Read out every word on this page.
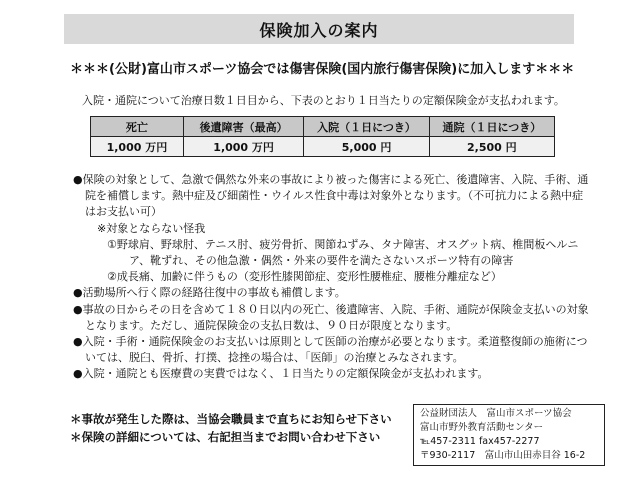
保険加入の案内
＊＊＊(公財)富山市スポーツ協会では傷害保険(国内旅行傷害保険)に加入します＊＊＊
入院・通院について治療日数１日目から、下表のとおり１日当たりの定額保険金が支払われます。
死亡	後遺障害（最高）	入院（１日につき）	通院（１日につき）
1,000 万円	1,000 万円	5,000 円	2,500 円

●保険の対象として、急激で偶然な外来の事故により被った傷害による死亡、後遺障害、入院、手術、通院を補償します。熱中症及び細菌性・ウイルス性食中毒は対象外となります。（不可抗力による熱中症はお支払い可）

※対象とならない怪我

①野球肩、野球肘、テニス肘、疲労骨折、関節ねずみ、タナ障害、オスグット病、椎間板ヘルニア、靴ずれ、その他急激・偶然・外来の要件を満たさないスポーツ特有の障害

②成長痛、加齢に伴うもの（変形性膝関節症、変形性腰椎症、腰椎分離症など）

●活動場所へ行く際の経路往復中の事故も補償します。

●事故の日からその日を含めて１８０日以内の死亡、後遺障害、入院、手術、通院が保険金支払いの対象となります。ただし、通院保険金の支払日数は、９０日が限度となります。

●入院・手術・通院保険金のお支払いは原則として医師の治療が必要となります。柔道整復師の施術については、脱臼、骨折、打撲、捻挫の場合は、「医師」の治療とみなされます。

●入院・通院とも医療費の実費ではなく、１日当たりの定額保険金が支払われます。

＊事故が発生した際は、当協会職員まで直ちにお知らせ下さい

＊保険の詳細については、右記担当までお問い合わせ下さい

公益財団法人　富山市スポーツ協会

富山市野外教育活動センター

℡457-2311 fax457-2277

〒930-2117　富山市山田赤目谷 16-2
